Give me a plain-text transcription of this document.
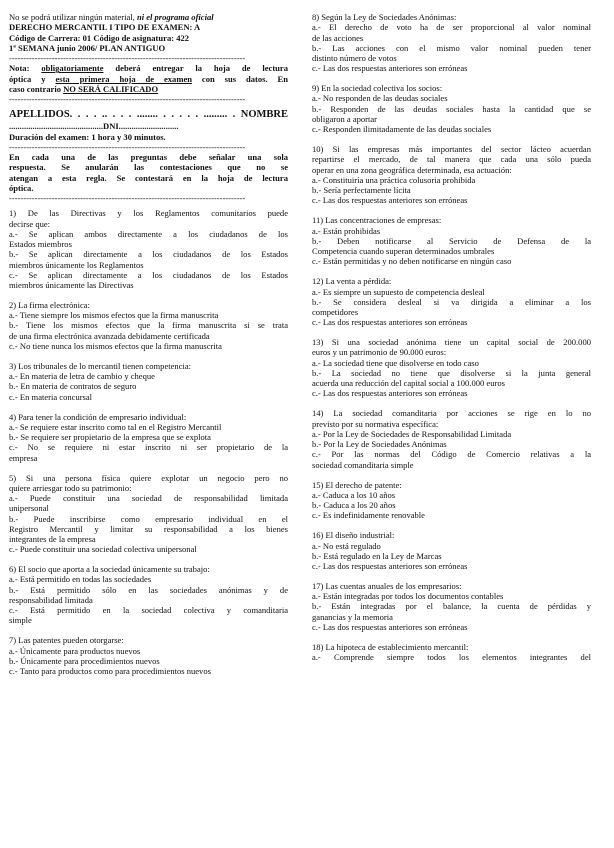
No se podrá utilizar ningún material, ni el programa oficial
DERECHO MERCANTIL I TIPO DE EXAMEN: A
Código de Carrera: 01 Código de asignatura: 422
1ª SEMANA junio 2006/ PLAN ANTIGUO
-----------------------------------------------------------------------------------
Nota: obligatoriamente deberá entregar la hoja de lectura
óptica y esta primera hoja de examen con sus datos. En
caso contrario NO SERÁ CALIFICADO
-----------------------------------------------------------------------------------
APELLIDOS. . . . .. . . . ........ . . . . . ......... . NOMBRE
............................................DNI............................
Duración del examen: 1 hora y 30 minutos.
-----------------------------------------------------------------------------------
En cada una de las preguntas debe señalar una sola
respuesta. Se anularán las contestaciones que no se
atengan a esta regla. Se contestará en la hoja de lectura
óptica.
-----------------------------------------------------------------------------------
1) De las Directivas y los Reglamentos comunitarios puede
decirse que:
a.- Se aplican ambos directamente a los ciudadanos de los
Estados miembros
b.- Se aplican directamente a los ciudadanos de los Estados
miembros únicamente los Reglamentos
c.- Se aplican directamente a los ciudadanos de los Estados
miembros únicamente las Directivas
2) La firma electrónica:
a.- Tiene siempre los mismos efectos que la firma manuscrita
b.- Tiene los mismos efectos que la firma manuscrita si se trata
de una firma electrónica avanzada debidamente certificada
c.- No tiene nunca los mismos efectos que la firma manuscrita
3) Los tribunales de lo mercantil tienen competencia:
a.- En materia de letra de cambio y cheque
b.- En materia de contratos de seguro
c.- En materia concursal
4) Para tener la condición de empresario individual:
a.- Se requiere estar inscrito como tal en el Registro Mercantil
b.- Se requiere ser propietario de la empresa que se explota
c.- No se requiere ni estar inscrito ni ser propietario de la
empresa
5) Si una persona física quiere explotar un negocio pero no
quiere arriesgar todo su patrimonio:
a.- Puede constituir una sociedad de responsabilidad limitada
unipersonal
b.- Puede inscribirse como empresario individual en el
Registro Mercantil y limitar su responsabilidad a los bienes
integrantes de la empresa
c.- Puede constituir una sociedad colectiva unipersonal
6) El socio que aporta a la sociedad únicamente su trabajo:
a.- Está permitido en todas las sociedades
b.- Está permitido sólo en las sociedades anónimas y de
responsabilidad limitada
c.- Está permitido en la sociedad colectiva y comanditaria
simple
7) Las patentes pueden otorgarse:
a.- Únicamente para productos nuevos
b.- Únicamente para procedimientos nuevos
c.- Tanto para productos como para procedimientos nuevos
8) Según la Ley de Sociedades Anónimas:
a.- El derecho de voto ha de ser proporcional al valor nominal
de las acciones
b.- Las acciones con el mismo valor nominal pueden tener
distinto número de votos
c.- Las dos respuestas anteriores son erróneas
9) En la sociedad colectiva los socios:
a.- No responden de las deudas sociales
b.- Responden de las deudas sociales hasta la cantidad que se
obligaron a aportar
c.- Responden ilimitadamente de las deudas sociales
10) Si las empresas más importantes del sector lácteo acuerdan
repartirse el mercado, de tal manera que cada una sólo pueda
operar en una zona geográfica determinada, esa actuación:
a.- Constituiría una práctica colusoria prohibida
b.- Sería perfectamente lícita
c.- Las dos respuestas anteriores son erróneas
11) Las concentraciones de empresas:
a.- Están prohibidas
b.- Deben notificarse al Servicio de Defensa de la
Competencia cuando superan determinados umbrales
c.- Están permitidas y no deben notificarse en ningún caso
12) La venta a pérdida:
a.- Es siempre un supuesto de competencia desleal
b.- Se considera desleal si va dirigida a eliminar a los
competidores
c.- Las dos respuestas anteriores son erróneas
13) Si una sociedad anónima tiene un capital social de 200.000
euros y un patrimonio de 90.000 euros:
a.- La sociedad tiene que disolverse en todo caso
b.- La sociedad no tiene que disolverse si la junta general
acuerda una reducción del capital social a 100.000 euros
c.- Las dos respuestas anteriores son erróneas
14) La sociedad comanditaria por acciones se rige en lo no
previsto por su normativa específica:
a.- Por la Ley de Sociedades de Responsabilidad Limitada
b.- Por la Ley de Sociedades Anónimas
c.- Por las normas del Código de Comercio relativas a la
sociedad comanditaria simple
15) El derecho de patente:
a.- Caduca a los 10 años
b.- Caduca a los 20 años
c.- Es indefinidamente renovable
16) El diseño industrial:
a.- No está regulado
b.- Está regulado en la Ley de Marcas
c.- Las dos respuestas anteriores son erróneas
17) Las cuentas anuales de los empresarios:
a.- Están integradas por todos los documentos contables
b.- Están integradas por el balance, la cuenta de pérdidas y
ganancias y la memoria
c.- Las dos respuestas anteriores son erróneas
18) La hipoteca de establecimiento mercantil:
a.- Comprende siempre todos los elementos integrantes del
